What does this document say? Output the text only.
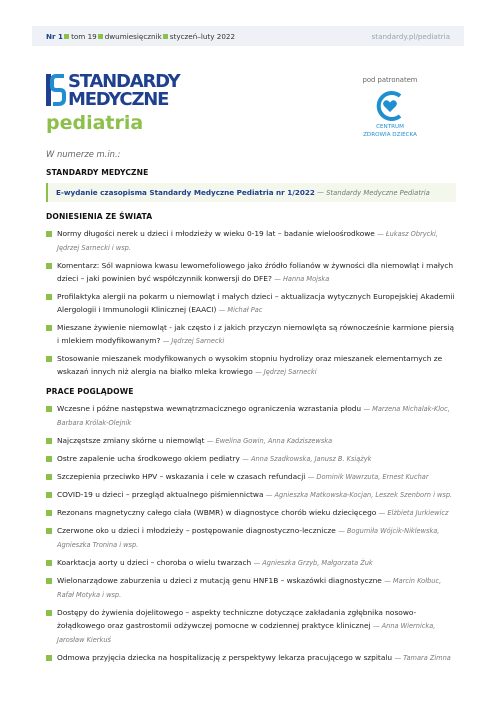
Nr 1 tom 19 dwumiesięcznik styczeń–luty 2022	standardy.pl/pediatria
STANDARDY
MEDYCZNE
pediatria
pod patronatem
CENTRUM
ZDROWIA DZIECKA
W numerze m.in.:
STANDARDY MEDYCZNE
E-wydanie czasopisma Standardy Medyczne Pediatria nr 1/2022 — Standardy Medyczne Pediatria
DONIESIENIA ZE ŚWIATA
Normy długości nerek u dzieci i młodzieży w wieku 0-19 lat – badanie wieloośrodkowe — Łukasz Obrycki, Jędrzej Sarnecki i wsp.
Komentarz: Sól wapniowa kwasu lewomefoliowego jako źródło folianów w żywności dla niemowląt i małych dzieci – jaki powinien być współczynnik konwersji do DFE? — Hanna Mojska
Profilaktyka alergii na pokarm u niemowląt i małych dzieci – aktualizacja wytycznych Europejskiej Akademii Alergologii i Immunologii Klinicznej (EAACI) — Michał Pac
Mieszane żywienie niemowląt - jak często i z jakich przyczyn niemowlęta są równocześnie karmione piersią i mlekiem modyfikowanym? — Jędrzej Sarnecki
Stosowanie mieszanek modyfikowanych o wysokim stopniu hydrolizy oraz mieszanek elementarnych ze wskazań innych niż alergia na białko mleka krowiego — Jędrzej Sarnecki
PRACE POGLĄDOWE
Wczesne i późne następstwa wewnątrzmacicznego ograniczenia wzrastania płodu — Marzena Michalak-Kloc, Barbara Królak-Olejnik
Najczęstsze zmiany skórne u niemowląt — Ewelina Gowin, Anna Kadziszewska
Ostre zapalenie ucha środkowego okiem pediatry — Anna Szadkowska, Janusz B. Książyk
Szczepienia przeciwko HPV – wskazania i cele w czasach refundacji — Dominik Wawrzuta, Ernest Kuchar
COVID-19 u dzieci – przegląd aktualnego piśmiennictwa — Agnieszka Matkowska-Kocjan, Leszek Szenborn i wsp.
Rezonans magnetyczny całego ciała (WBMR) w diagnostyce chorób wieku dziecięcego — Elżbieta Jurkiewicz
Czerwone oko u dzieci i młodzieży – postępowanie diagnostyczno-lecznicze — Bogumiła Wójcik-Niklewska, Agnieszka Tronina i wsp.
Koarktacja aorty u dzieci – choroba o wielu twarzach — Agnieszka Grzyb, Małgorzata Żuk
Wielonarządowe zaburzenia u dzieci z mutacją genu HNF1B – wskazówki diagnostyczne — Marcin Kołbuc, Rafał Motyka i wsp.
Dostępy do żywienia dojelitowego – aspekty techniczne dotyczące zakładania zgłębnika nosowo-żołądkowego oraz gastrostomii odżywczej pomocne w codziennej praktyce klinicznej — Anna Wiernicka, Jarosław Kierkuś
Odmowa przyjęcia dziecka na hospitalizację z perspektywy lekarza pracującego w szpitalu — Tamara Zimna
